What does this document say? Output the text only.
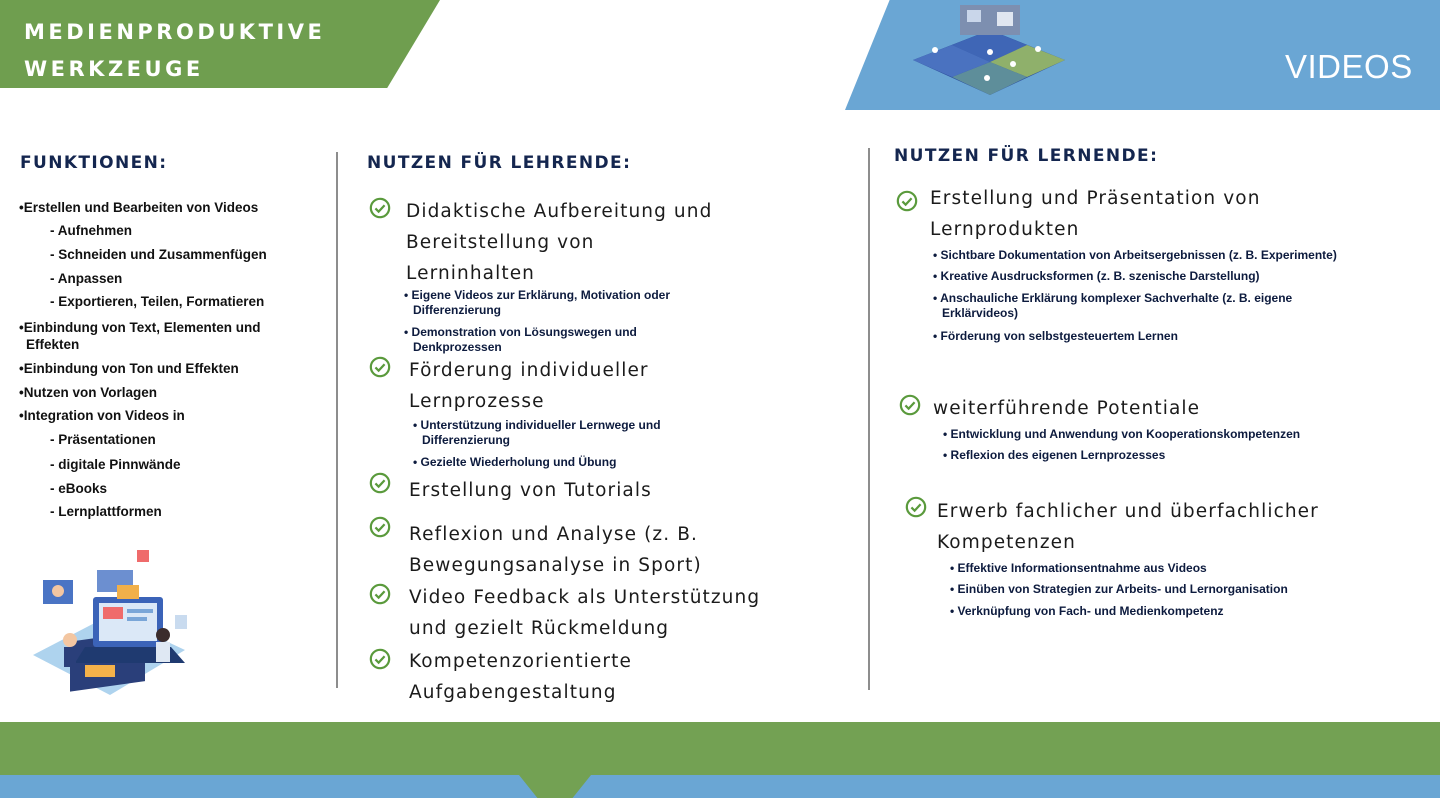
MEDIENPRODUKTIVE
WERKZEUGE	VIDEOS
FUNKTIONEN:
•Erstellen und Bearbeiten von Videos
- Aufnehmen
- Schneiden und Zusammenfügen
- Anpassen
- Exportieren, Teilen, Formatieren
•Einbindung von Text, Elementen und
Effekten
•Einbindung von Ton und Effekten
•Nutzen von Vorlagen
•Integration von Videos in
- Präsentationen
- digitale Pinnwände
- eBooks
- Lernplattformen
NUTZEN FÜR LEHRENDE:
Didaktische Aufbereitung und
Bereitstellung von
Lerninhalten
• Eigene Videos zur Erklärung, Motivation oder
Differenzierung
• Demonstration von Lösungswegen und
Denkprozessen
Förderung individueller
Lernprozesse
• Unterstützung individueller Lernwege und
Differenzierung
• Gezielte Wiederholung und Übung
Erstellung von Tutorials
Reflexion und Analyse (z. B.
Bewegungsanalyse in Sport)
Video Feedback als Unterstützung
und gezielt Rückmeldung
Kompetenzorientierte
Aufgabengestaltung
NUTZEN FÜR LERNENDE:
Erstellung und Präsentation von
Lernprodukten
• Sichtbare Dokumentation von Arbeitsergebnissen (z. B. Experimente)
• Kreative Ausdrucksformen (z. B. szenische Darstellung)
• Anschauliche Erklärung komplexer Sachverhalte (z. B. eigene
Erklärvideos)
• Förderung von selbstgesteuertem Lernen
weiterführende Potentiale
• Entwicklung und Anwendung von Kooperationskompetenzen
• Reflexion des eigenen Lernprozesses
Erwerb fachlicher und überfachlicher
Kompetenzen
• Effektive Informationsentnahme aus Videos
• Einüben von Strategien zur Arbeits- und Lernorganisation
• Verknüpfung von Fach- und Medienkompetenz
